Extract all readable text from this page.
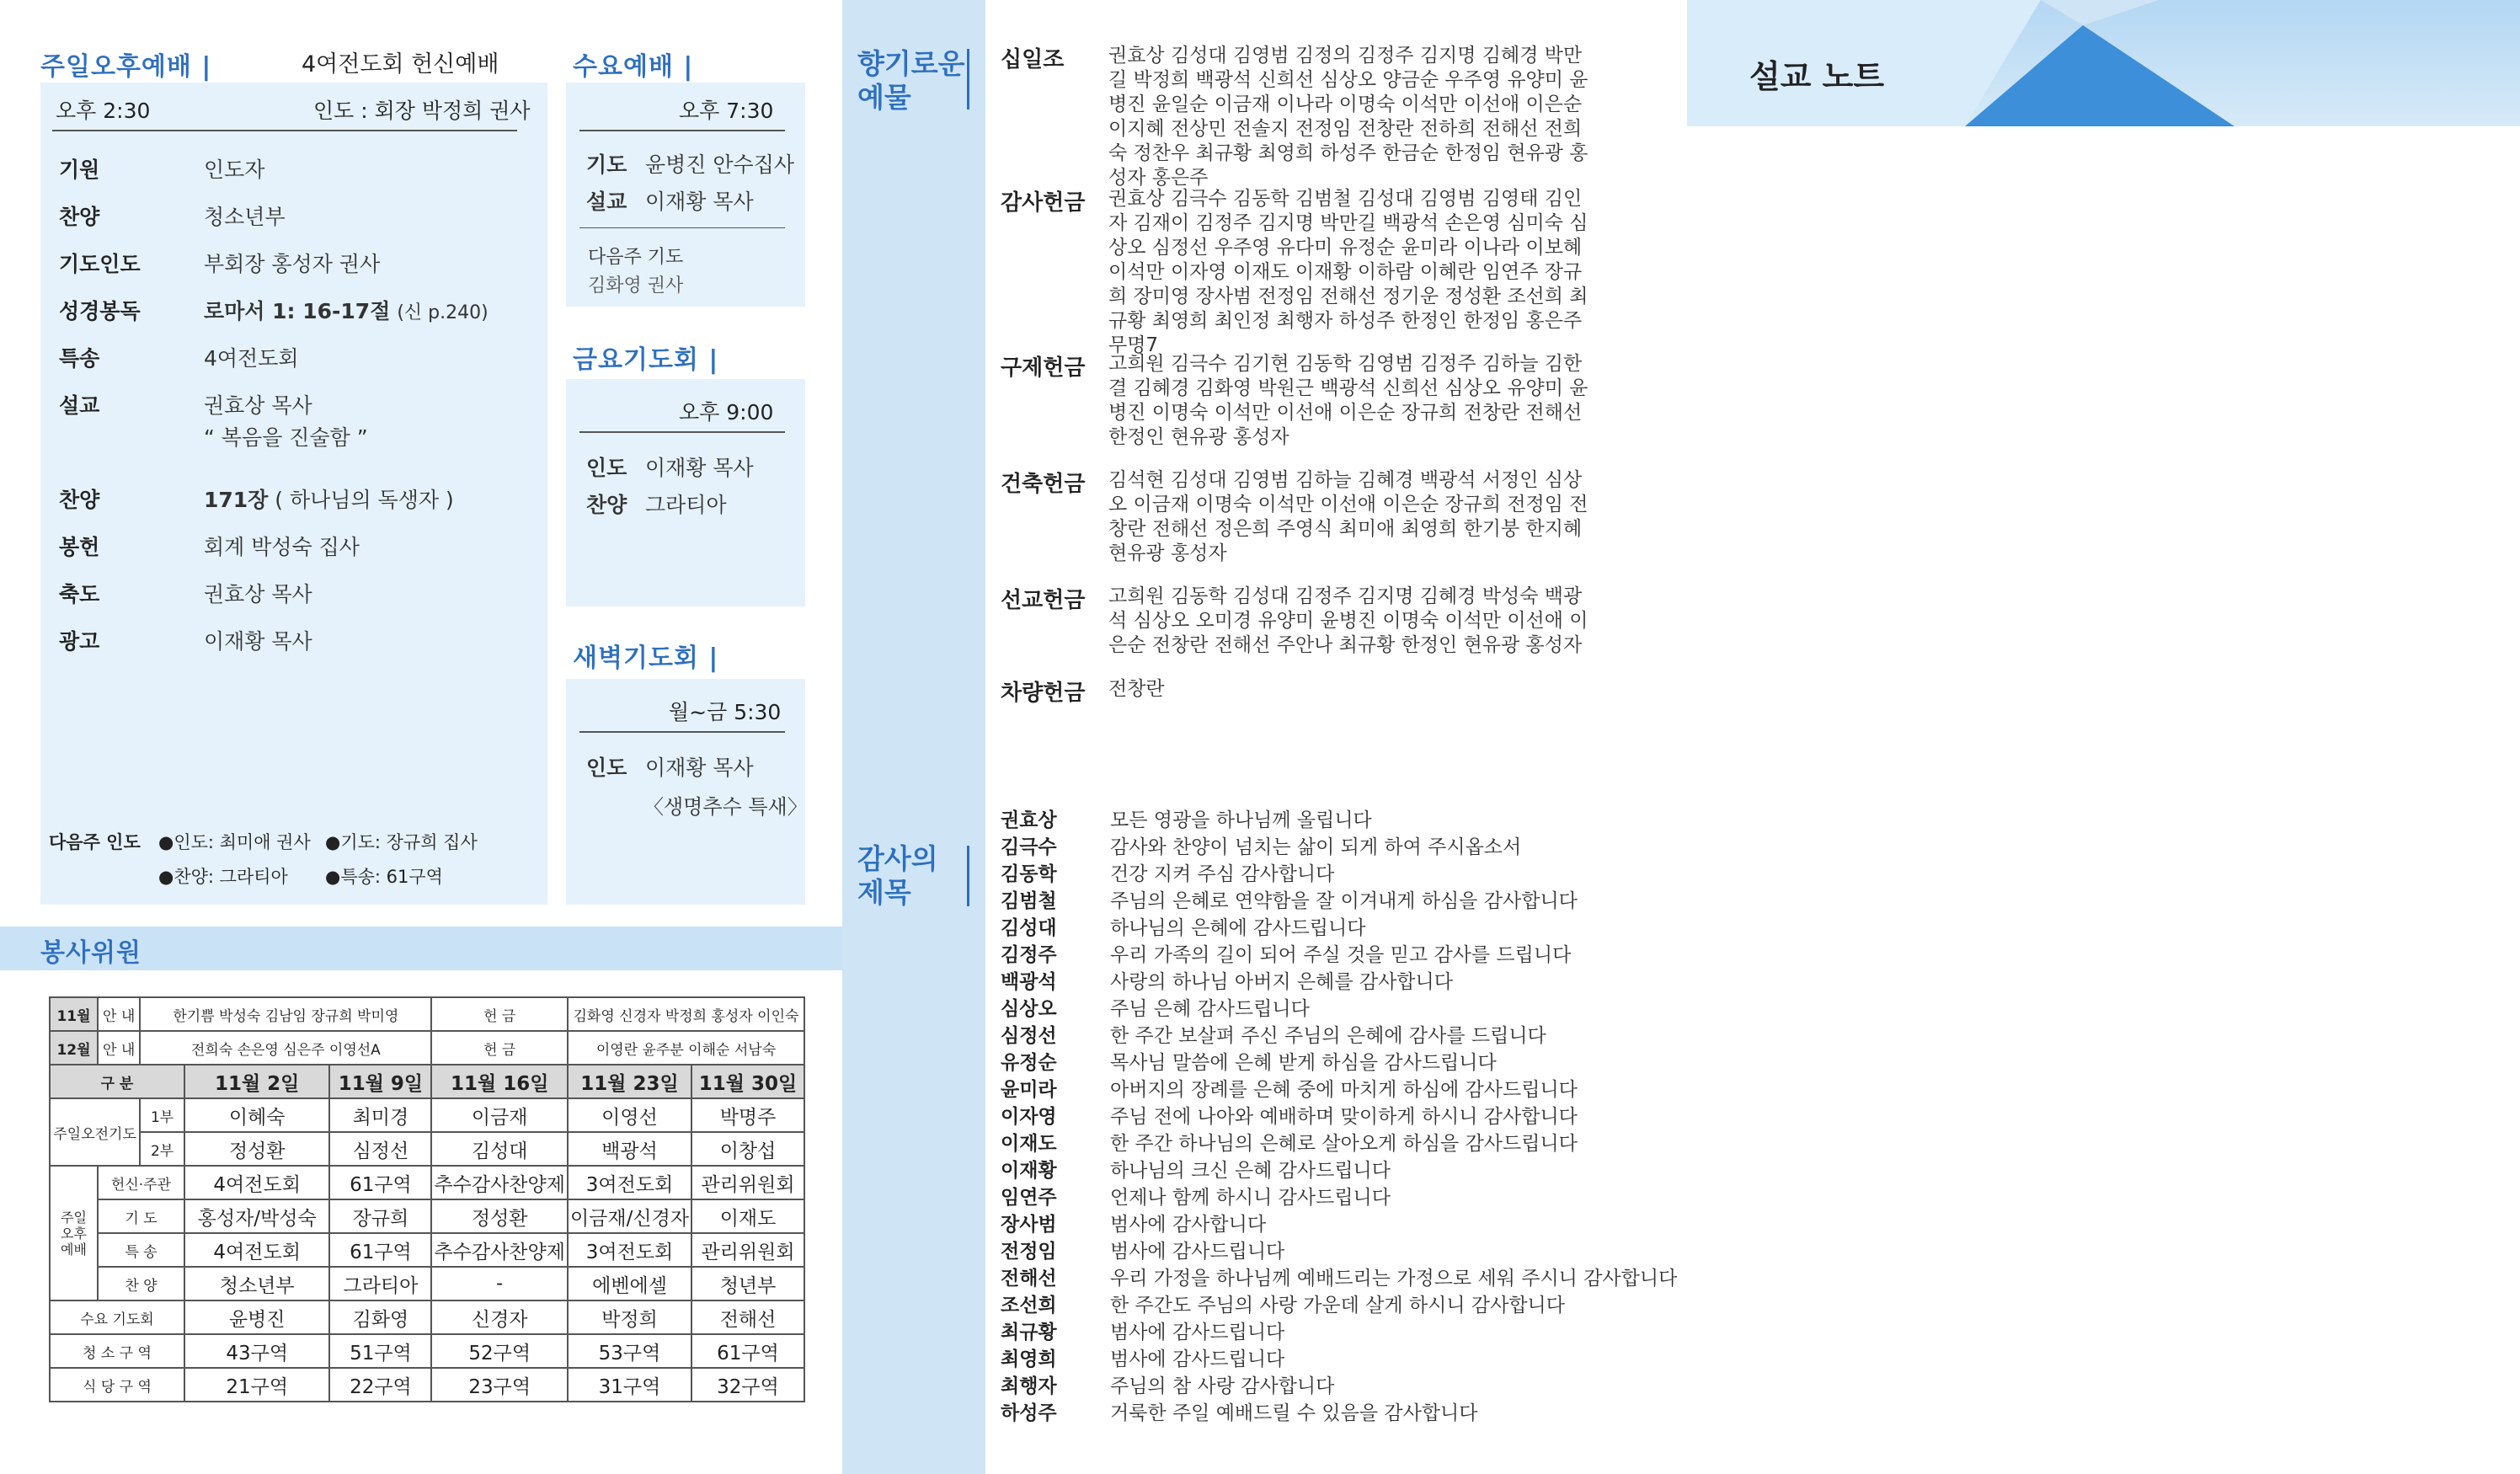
주일오후예배 |	4여전도회 헌신예배
오후 2:30	인도 : 회장 박정희 권사
기원	인도자
찬양	청소년부
기도인도	부회장 홍성자 권사
성경봉독	로마서 1: 16-17절 (신 p.240)
특송	4여전도회
설교	권효상 목사
“ 복음을 진술함 ”
찬양	171장 ( 하나님의 독생자 )
봉헌	회계 박성숙 집사
축도	권효상 목사
광고	이재황 목사
다음주 인도 ●인도: 최미애 권사 ●기도: 장규희 집사
●찬양: 그라티아 ●특송: 61구역
수요예배 |
오후 7:30
기도 윤병진 안수집사
설교 이재황 목사
다음주 기도
김화영 권사
금요기도회 |
오후 9:00
인도 이재황 목사
찬양 그라티아
새벽기도회 |
월~금 5:30
인도 이재황 목사
〈생명추수 특새〉
봉사위원
11월	안 내	한기쁨 박성숙 김남임 장규희 박미영			헌 금	김화영 신경자 박정희 홍성자 이인숙	
12월	안 내	전희숙 손은영 심은주 이영선A			헌 금	이영란 윤주분 이해순 서남숙	
구 분			11월 2일	11월 9일	11월 16일	11월 23일	11월 30일
주일오전기도		1부	이혜숙	최미경	이금재	이영선	박명주
		2부	정성환	심정선	김성대	백광석	이창섭
주일 오후 예배	헌신·주관		4여전도회	61구역	추수감사찬양제	3여전도회	관리위원회
	기 도		홍성자/박성숙	장규희	정성환	이금재/신경자	이재도
	특 송		4여전도회	61구역	추수감사찬양제	3여전도회	관리위원회
	찬 양		청소년부	그라티아	-	에벤에셀	청년부
수요 기도회			윤병진	김화영	신경자	박정희	전해선
청 소 구 역			43구역	51구역	52구역	53구역	61구역
식 당 구 역			21구역	22구역	23구역	31구역	32구역
향기로운 예물
감사의 제목
십일조	권효상 김성대 김영범 김정의 김정주 김지명 김혜경 박만길 박정희 백광석 신희선 심상오 양금순 우주영 유양미 윤병진 윤일순 이금재 이나라 이명숙 이석만 이선애 이은순 이지혜 전상민 전솔지 전정임 전창란 전하희 전해선 전희숙 정찬우 최규황 최영희 하성주 한금순 한정임 현유광 홍성자 홍은주
감사헌금	권효상 김극수 김동학 김범철 김성대 김영범 김영태 김인자 김재이 김정주 김지명 박만길 백광석 손은영 심미숙 심상오 심정선 우주영 유다미 유정순 윤미라 이나라 이보혜 이석만 이자영 이재도 이재황 이하람 이혜란 임연주 장규희 장미영 장사범 전정임 전해선 정기운 정성환 조선희 최규황 최영희 최인정 최행자 하성주 한정인 한정임 홍은주 무명7
구제헌금	고희원 김극수 김기현 김동학 김영범 김정주 김하늘 김한결 김혜경 김화영 박원근 백광석 신희선 심상오 유양미 윤병진 이명숙 이석만 이선애 이은순 장규희 전창란 전해선 한정인 현유광 홍성자
건축헌금	김석현 김성대 김영범 김하늘 김혜경 백광석 서정인 심상오 이금재 이명숙 이석만 이선애 이은순 장규희 전정임 전창란 전해선 정은희 주영식 최미애 최영희 한기붕 한지혜 현유광 홍성자
선교헌금	고희원 김동학 김성대 김정주 김지명 김혜경 박성숙 백광석 심상오 오미경 유양미 윤병진 이명숙 이석만 이선애 이은순 전창란 전해선 주안나 최규황 한정인 현유광 홍성자
차량헌금	전창란
권효상	모든 영광을 하나님께 올립니다
김극수	감사와 찬양이 넘치는 삶이 되게 하여 주시옵소서
김동학	건강 지켜 주심 감사합니다
김범철	주님의 은혜로 연약함을 잘 이겨내게 하심을 감사합니다
김성대	하나님의 은혜에 감사드립니다
김정주	우리 가족의 길이 되어 주실 것을 믿고 감사를 드립니다
백광석	사랑의 하나님 아버지 은혜를 감사합니다
심상오	주님 은혜 감사드립니다
심정선	한 주간 보살펴 주신 주님의 은혜에 감사를 드립니다
유정순	목사님 말씀에 은혜 받게 하심을 감사드립니다
윤미라	아버지의 장례를 은혜 중에 마치게 하심에 감사드립니다
이자영	주님 전에 나아와 예배하며 맞이하게 하시니 감사합니다
이재도	한 주간 하나님의 은혜로 살아오게 하심을 감사드립니다
이재황	하나님의 크신 은혜 감사드립니다
임연주	언제나 함께 하시니 감사드립니다
장사범	범사에 감사합니다
전정임	범사에 감사드립니다
전해선	우리 가정을 하나님께 예배드리는 가정으로 세워 주시니 감사합니다
조선희	한 주간도 주님의 사랑 가운데 살게 하시니 감사합니다
최규황	범사에 감사드립니다
최영희	범사에 감사드립니다
최행자	주님의 참 사랑 감사합니다
하성주	거룩한 주일 예배드릴 수 있음을 감사합니다
설교 노트
